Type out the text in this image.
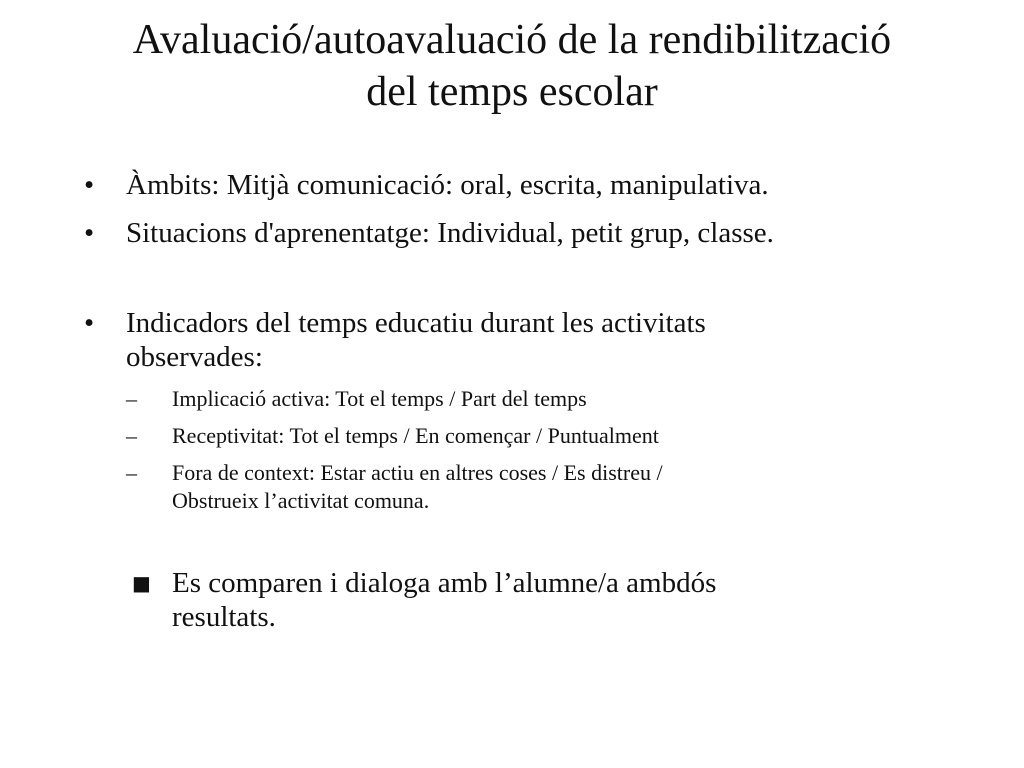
Avaluació/autoavaluació de la rendibilització
del temps escolar
•	Àmbits: Mitjà comunicació: oral, escrita, manipulativa.
•	Situacions d'aprenentatge: Individual, petit grup, classe.
•	Indicadors del temps educatiu durant les activitats
observades:
–	Implicació activa: Tot el temps / Part del temps
–	Receptivitat: Tot el temps / En començar / Puntualment
–	Fora de context: Estar actiu en altres coses / Es distreu /
Obstrueix l’activitat comuna.
■ Es comparen i dialoga amb l’alumne/a ambdós
resultats.
